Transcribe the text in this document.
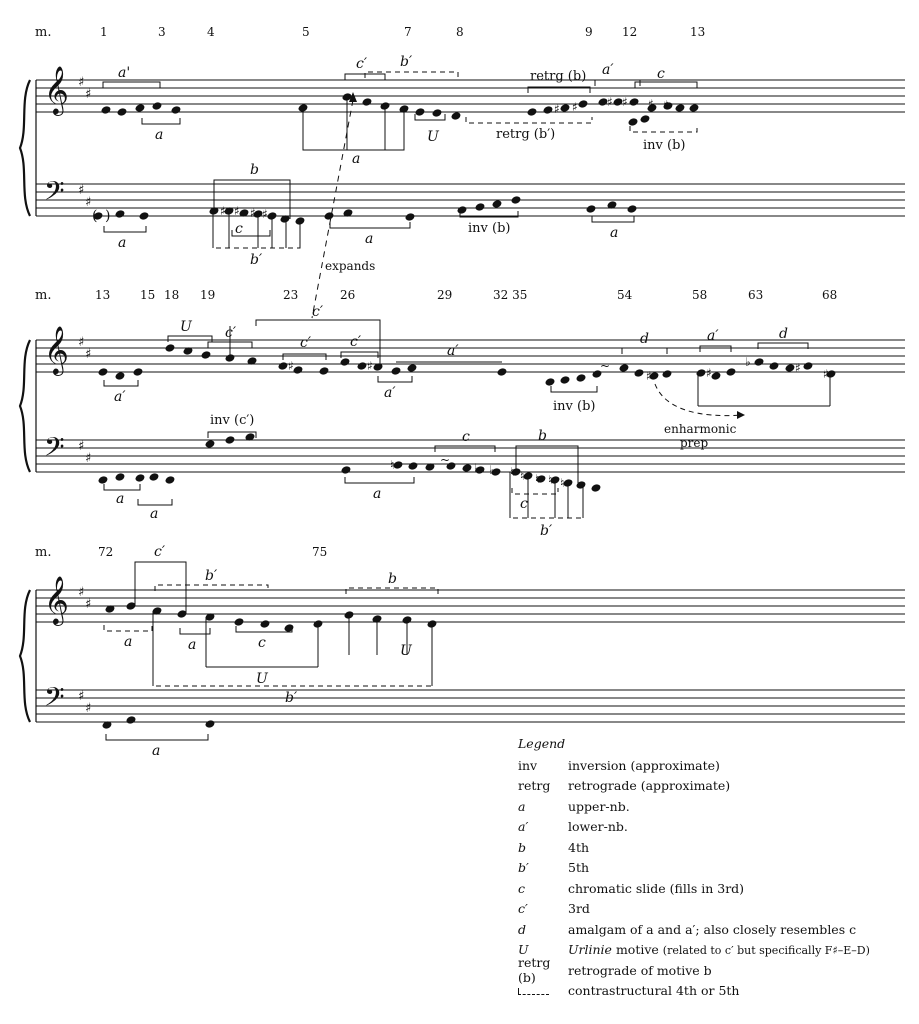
m.	1	3	4	5	7	8	9 12	13
𝄞
𝄢
♯
♯
♯
♯
♯ ♯ ♯ ♯ ♯ ♯
( )	♯ ♯ ♯ ♯
a'
a
c′ b′
retrg (b) a′	c
inv (b)
retrg (b′)
U
a
b
c
b′
a	a
inv (b)	a
expands
m.	13 15 18 19	23	26	29	32 35	54	58	63	68
𝄞
𝄢
♯
♯
♯
♯
♯	♯
♯	♯	♯ ♯
♭
~
♮	♮ ♮ ♮ ♮ ♮
♭ ♭
~
U c′
c′
c′	c′
a′	a′
a′
inv (b)
d	a′	d
enharmonic
prep
inv (c′)
c	b
c
b′
a
a
a
m.	72	75
𝄞
𝄢
♯
♯
♯
♯
c′
b′	b
a	a	c
U
U
b′
a	Legend
inv	inversion (approximate)
retrg	retrograde (approximate)
a	upper-nb.
a′	lower-nb.
b	4th
b′	5th
c	chromatic slide (fills in 3rd)
c′	3rd
d	amalgam of a and a′; also closely resembles c
U	Urlinie motive (related to c′ but specifically F♯–E–D)
retrg (b)	retrograde of motive b
contrastructural 4th or 5th
